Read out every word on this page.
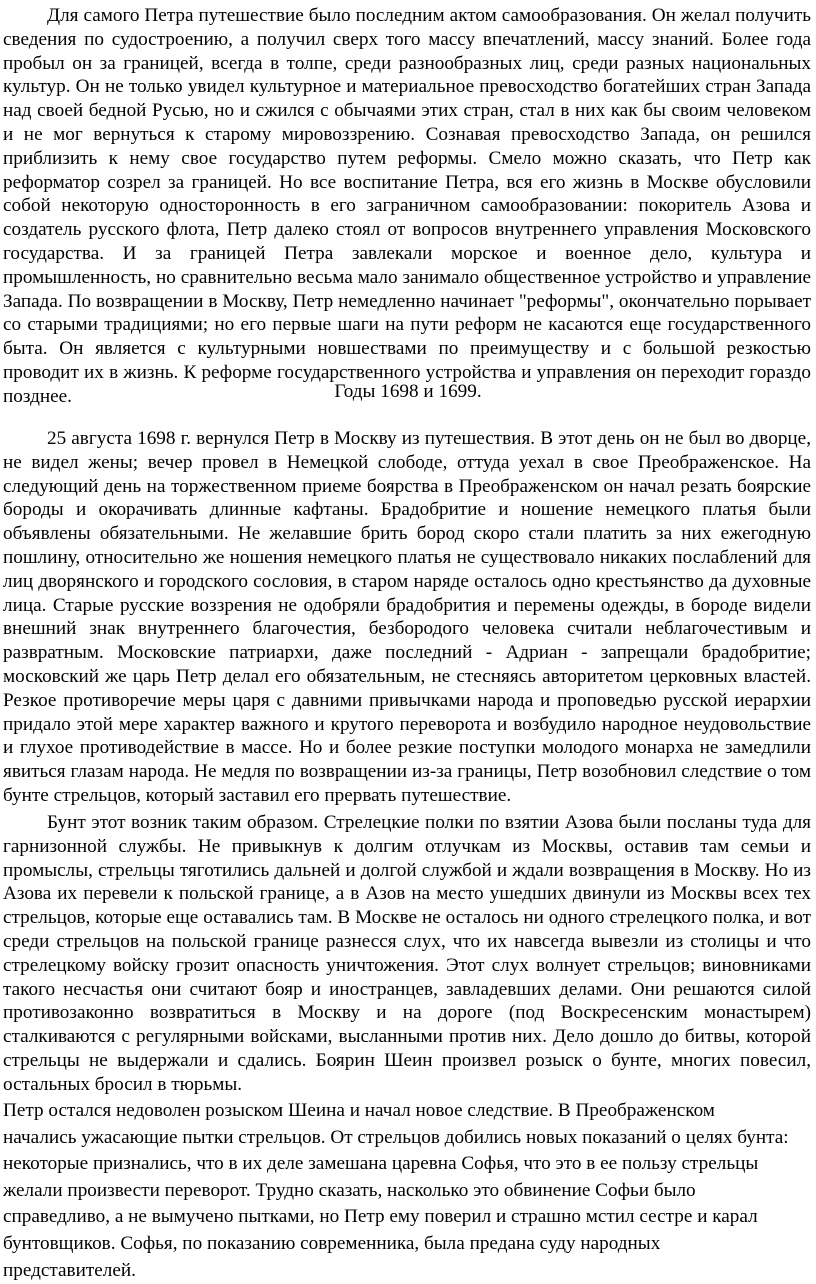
Для самого Петра путешествие было последним актом самообразования. Он желал получить сведения по судостроению, а получил сверх того массу впечатлений, массу знаний. Более года пробыл он за границей, всегда в толпе, среди разнообразных лиц, среди разных национальных культур. Он не только увидел культурное и материальное превосходство богатейших стран Запада над своей бедной Русью, но и сжился с обычаями этих стран, стал в них как бы своим человеком и не мог вернуться к старому мировоззрению. Сознавая превосходство Запада, он решился приблизить к нему свое государство путем реформы. Смело можно сказать, что Петр как реформатор созрел за границей. Но все воспитание Петра, вся его жизнь в Москве обусловили собой некоторую односторонность в его заграничном самообразовании: покоритель Азова и создатель русского флота, Петр далеко стоял от вопросов внутреннего управления Московского государства. И за границей Петра завлекали морское и военное дело, культура и промышленность, но сравнительно весьма мало занимало общественное устройство и управление Запада. По возвращении в Москву, Петр немедленно начинает "реформы", окончательно порывает со старыми традициями; но его первые шаги на пути реформ не касаются еще государственного быта. Он является с культурными новшествами по преимуществу и с большой резкостью проводит их в жизнь. К реформе государственного устройства и управления он переходит гораздо позднее.	Годы 1698 и 1699.

25 августа 1698 г. вернулся Петр в Москву из путешествия. В этот день он не был во дворце, не видел жены; вечер провел в Немецкой слободе, оттуда уехал в свое Преображенское. На следующий день на торжественном приеме боярства в Преображенском он начал резать боярские бороды и окорачивать длинные кафтаны. Брадобритие и ношение немецкого платья были объявлены обязательными. Не желавшие брить бород скоро стали платить за них ежегодную пошлину, относительно же ношения немецкого платья не существовало никаких послаблений для лиц дворянского и городского сословия, в старом наряде осталось одно крестьянство да духовные лица. Старые русские воззрения не одобряли брадобрития и перемены одежды, в бороде видели внешний знак внутреннего благочестия, безбородого человека считали неблагочестивым и развратным. Московские патриархи, даже последний - Адриан - запрещали брадобритие; московский же царь Петр делал его обязательным, не стесняясь авторитетом церковных властей. Резкое противоречие меры царя с давними привычками народа и проповедью русской иерархии придало этой мере характер важного и крутого переворота и возбудило народное неудовольствие и глухое противодействие в массе. Но и более резкие поступки молодого монарха не замедлили явиться глазам народа. Не медля по возвращении из-за границы, Петр возобновил следствие о том бунте стрельцов, который заставил его прервать путешествие.

Бунт этот возник таким образом. Стрелецкие полки по взятии Азова были посланы туда для гарнизонной службы. Не привыкнув к долгим отлучкам из Москвы, оставив там семьи и промыслы, стрельцы тяготились дальней и долгой службой и ждали возвращения в Москву. Но из Азова их перевели к польской границе, а в Азов на место ушедших двинули из Москвы всех тех стрельцов, которые еще оставались там. В Москве не осталось ни одного стрелецкого полка, и вот среди стрельцов на польской границе разнесся слух, что их навсегда вывезли из столицы и что стрелецкому войску грозит опасность уничтожения. Этот слух волнует стрельцов; виновниками такого несчастья они считают бояр и иностранцев, завладевших делами. Они решаются силой противозаконно возвратиться в Москву и на дороге (под Воскресенским монастырем) сталкиваются с регулярными войсками, высланными против них. Дело дошло до битвы, которой стрельцы не выдержали и сдались. Боярин Шеин произвел розыск о бунте, многих повесил, остальных бросил в тюрьмы.

Петр остался недоволен розыском Шеина и начал новое следствие. В Преображенском начались ужасающие пытки стрельцов. От стрельцов добились новых показаний о целях бунта: некоторые признались, что в их деле замешана царевна Софья, что это в ее пользу стрельцы желали произвести переворот. Трудно сказать, насколько это обвинение Софьи было справедливо, а не вымучено пытками, но Петр ему поверил и страшно мстил сестре и карал бунтовщиков. Софья, по показанию современника, была предана суду народных представителей.
